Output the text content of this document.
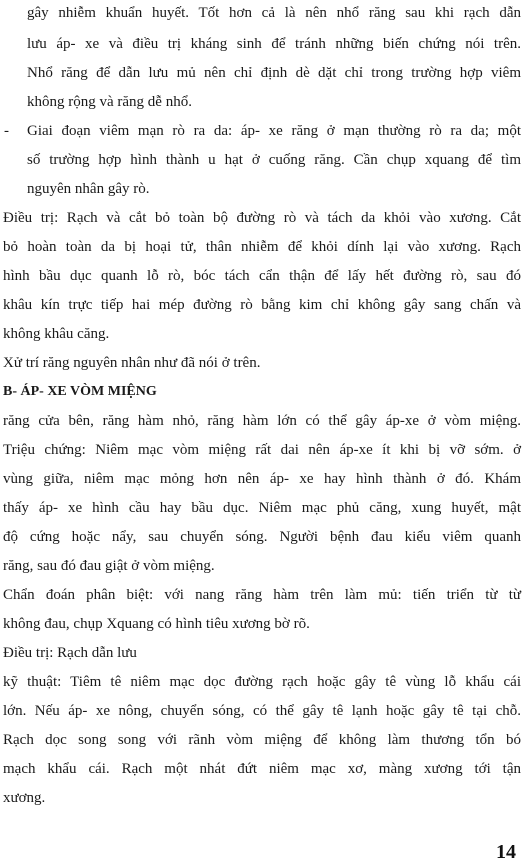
gây nhiễm khuẩn huyết. Tốt hơn cả là nên nhổ răng sau khi rạch dẫn
lưu áp- xe và điều trị kháng sinh để tránh những biến chứng nói trên.
Nhổ răng để dẫn lưu mủ nên chỉ định dè dặt chỉ trong trường hợp viêm
không rộng và răng dễ nhổ.
- Giai đoạn viêm mạn rò ra da: áp- xe răng ở mạn thường rò ra da; một
số trường hợp hình thành u hạt ở cuống răng. Cần chụp xquang để tìm
nguyên nhân gây rò.
Điều trị: Rạch và cắt bỏ toàn bộ đường rò và tách da khỏi vào xương. Cắt
bỏ hoàn toàn da bị hoại tử, thân nhiễm để khỏi dính lại vào xương. Rạch
hình bầu dục quanh lỗ rò, bóc tách cẩn thận để lấy hết đường rò, sau đó
khâu kín trực tiếp hai mép đường rò bằng kim chỉ không gây sang chấn và
không khâu căng.
Xử trí răng nguyên nhân như đã nói ở trên.
B- ÁP- XE VÒM MIỆNG
răng cửa bên, răng hàm nhỏ, răng hàm lớn có thể gây áp-xe ở vòm miệng.
Triệu chứng: Niêm mạc vòm miệng rất dai nên áp-xe ít khi bị vỡ sớm. ở
vùng giữa, niêm mạc mỏng hơn nên áp- xe hay hình thành ở đó. Khám
thấy áp- xe hình cầu hay bầu dục. Niêm mạc phủ căng, xung huyết, mật
độ cứng hoặc nẩy, sau chuyển sóng. Người bệnh đau kiểu viêm quanh
răng, sau đó đau giật ở vòm miệng.
Chẩn đoán phân biệt: với nang răng hàm trên làm mủ: tiến triển từ từ
không đau, chụp Xquang có hình tiêu xương bờ rõ.
Điều trị: Rạch dẫn lưu
kỹ thuật: Tiêm tê niêm mạc dọc đường rạch hoặc gây tê vùng lỗ khẩu cái
lớn. Nếu áp- xe nông, chuyển sóng, có thể gây tê lạnh hoặc gây tê tại chỗ.
Rạch dọc song song với rãnh vòm miệng để không làm thương tổn bó
mạch khẩu cái. Rạch một nhát đứt niêm mạc xơ, màng xương tới tận
xương.
14
